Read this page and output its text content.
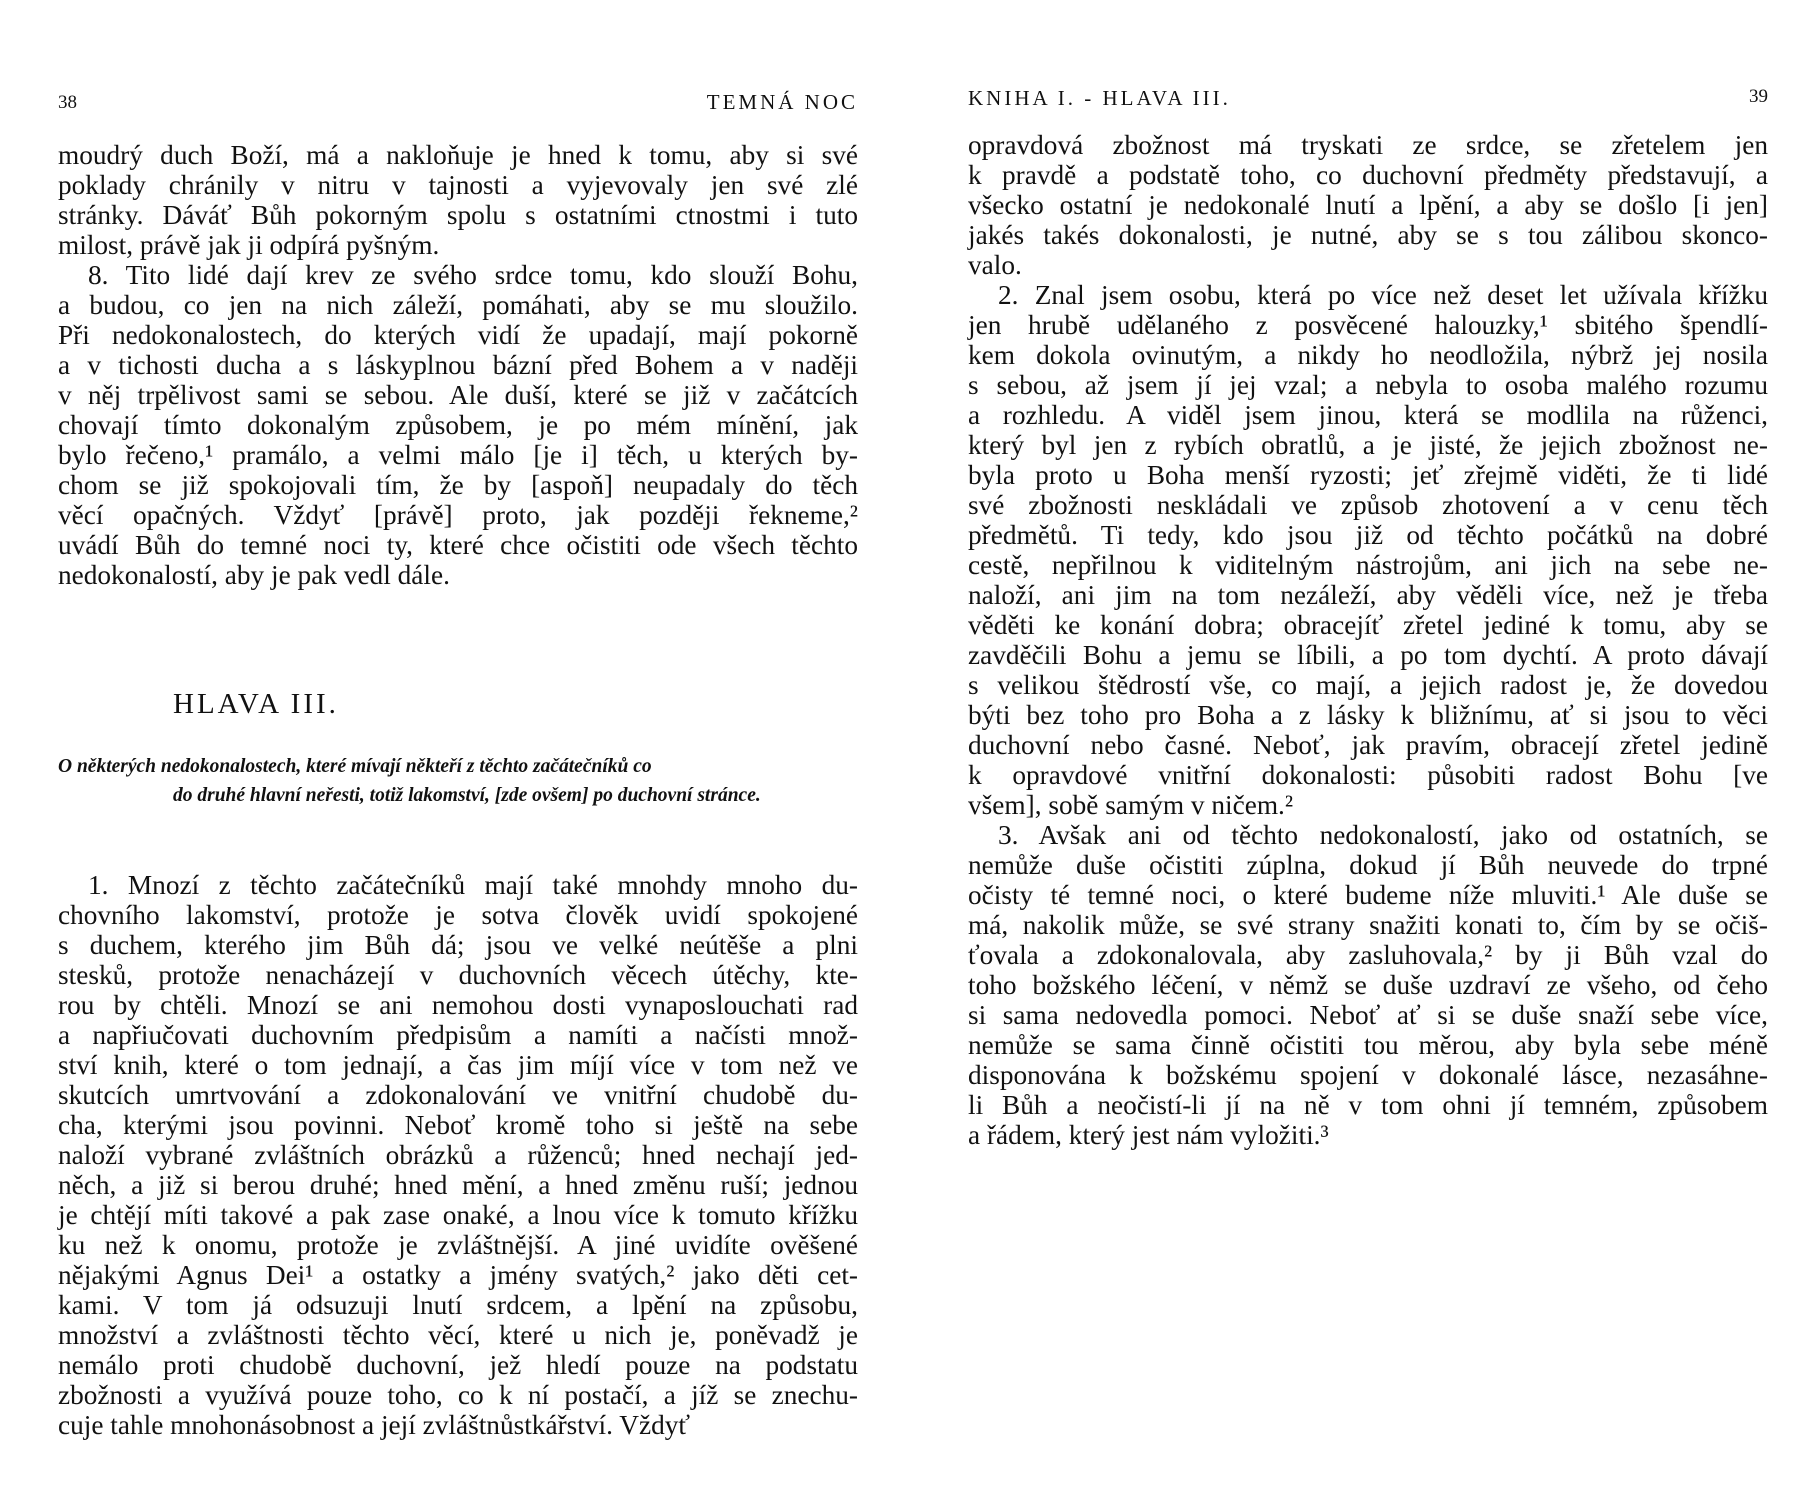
38	TEMNÁ NOC
moudrý duch Boží, má a nakloňuje je hned k tomu, aby si své
poklady chránily v nitru v tajnosti a vyjevovaly jen své zlé
stránky. Dáváť Bůh pokorným spolu s ostatními ctnostmi i tuto
milost, právě jak ji odpírá pyšným.
8. Tito lidé dají krev ze svého srdce tomu, kdo slouží Bohu,
a budou, co jen na nich záleží, pomáhati, aby se mu sloužilo.
Při nedokonalostech, do kterých vidí že upadají, mají pokorně
a v tichosti ducha a s láskyplnou bázní před Bohem a v naději
v něj trpělivost sami se sebou. Ale duší, které se již v začátcích
chovají tímto dokonalým způsobem, je po mém mínění, jak
bylo řečeno,¹ pramálo, a velmi málo [je i] těch, u kterých by-
chom se již spokojovali tím, že by [aspoň] neupadaly do těch
věcí opačných. Vždyť [právě] proto, jak později řekneme,²
uvádí Bůh do temné noci ty, které chce očistiti ode všech těchto
nedokonalostí, aby je pak vedl dále.
HLAVA III.
O některých nedokonalostech, které mívají někteří z těchto začátečníků co
do druhé hlavní neřesti, totiž lakomství, [zde ovšem] po duchovní stránce.
1. Mnozí z těchto začátečníků mají také mnohdy mnoho du-
chovního lakomství, protože je sotva člověk uvidí spokojené
s duchem, kterého jim Bůh dá; jsou ve velké neútěše a plni
stesků, protože nenacházejí v duchovních věcech útěchy, kte-
rou by chtěli. Mnozí se ani nemohou dosti vynaposlouchati rad
a napřiučovati duchovním předpisům a namíti a načísti množ-
ství knih, které o tom jednají, a čas jim míjí více v tom než ve
skutcích umrtvování a zdokonalování ve vnitřní chudobě du-
cha, kterými jsou povinni. Neboť kromě toho si ještě na sebe
naloží vybrané zvláštních obrázků a růženců; hned nechají jed-
něch, a již si berou druhé; hned mění, a hned změnu ruší; jednou
je chtějí míti takové a pak zase onaké, a lnou více k tomuto křížku
ku než k onomu, protože je zvláštnější. A jiné uvidíte ověšené
nějakými Agnus Dei¹ a ostatky a jmény svatých,² jako děti cet-
kami. V tom já odsuzuji lnutí srdcem, a lpění na způsobu,
množství a zvláštnosti těchto věcí, které u nich je, poněvadž je
nemálo proti chudobě duchovní, jež hledí pouze na podstatu
zbožnosti a využívá pouze toho, co k ní postačí, a jíž se znechu-
cuje tahle mnohonásobnost a její zvláštnůstkářství. Vždyť
KNIHA I. - HLAVA III.	39
opravdová zbožnost má tryskati ze srdce, se zřetelem jen
k pravdě a podstatě toho, co duchovní předměty představují, a
všecko ostatní je nedokonalé lnutí a lpění, a aby se došlo [i jen]
jakés takés dokonalosti, je nutné, aby se s tou zálibou skonco-
valo.
2. Znal jsem osobu, která po více než deset let užívala křížku
jen hrubě udělaného z posvěcené halouzky,¹ sbitého špendlí-
kem dokola ovinutým, a nikdy ho neodložila, nýbrž jej nosila
s sebou, až jsem jí jej vzal; a nebyla to osoba malého rozumu
a rozhledu. A viděl jsem jinou, která se modlila na růženci,
který byl jen z rybích obratlů, a je jisté, že jejich zbožnost ne-
byla proto u Boha menší ryzosti; jeť zřejmě viděti, že ti lidé
své zbožnosti neskládali ve způsob zhotovení a v cenu těch
předmětů. Ti tedy, kdo jsou již od těchto počátků na dobré
cestě, nepřilnou k viditelným nástrojům, ani jich na sebe ne-
naloží, ani jim na tom nezáleží, aby věděli více, než je třeba
věděti ke konání dobra; obracejíť zřetel jediné k tomu, aby se
zavděčili Bohu a jemu se líbili, a po tom dychtí. A proto dávají
s velikou štědrostí vše, co mají, a jejich radost je, že dovedou
býti bez toho pro Boha a z lásky k bližnímu, ať si jsou to věci
duchovní nebo časné. Neboť, jak pravím, obracejí zřetel jedině
k opravdové vnitřní dokonalosti: působiti radost Bohu [ve
všem], sobě samým v ničem.²
3. Avšak ani od těchto nedokonalostí, jako od ostatních, se
nemůže duše očistiti zúplna, dokud jí Bůh neuvede do trpné
očisty té temné noci, o které budeme níže mluviti.¹ Ale duše se
má, nakolik může, se své strany snažiti konati to, čím by se očiš-
ťovala a zdokonalovala, aby zasluhovala,² by ji Bůh vzal do
toho božského léčení, v němž se duše uzdraví ze všeho, od čeho
si sama nedovedla pomoci. Neboť ať si se duše snaží sebe více,
nemůže se sama činně očistiti tou měrou, aby byla sebe méně
disponována k božskému spojení v dokonalé lásce, nezasáhne-
li Bůh a neočistí-li jí na ně v tom ohni jí temném, způsobem
a řádem, který jest nám vyložiti.³
